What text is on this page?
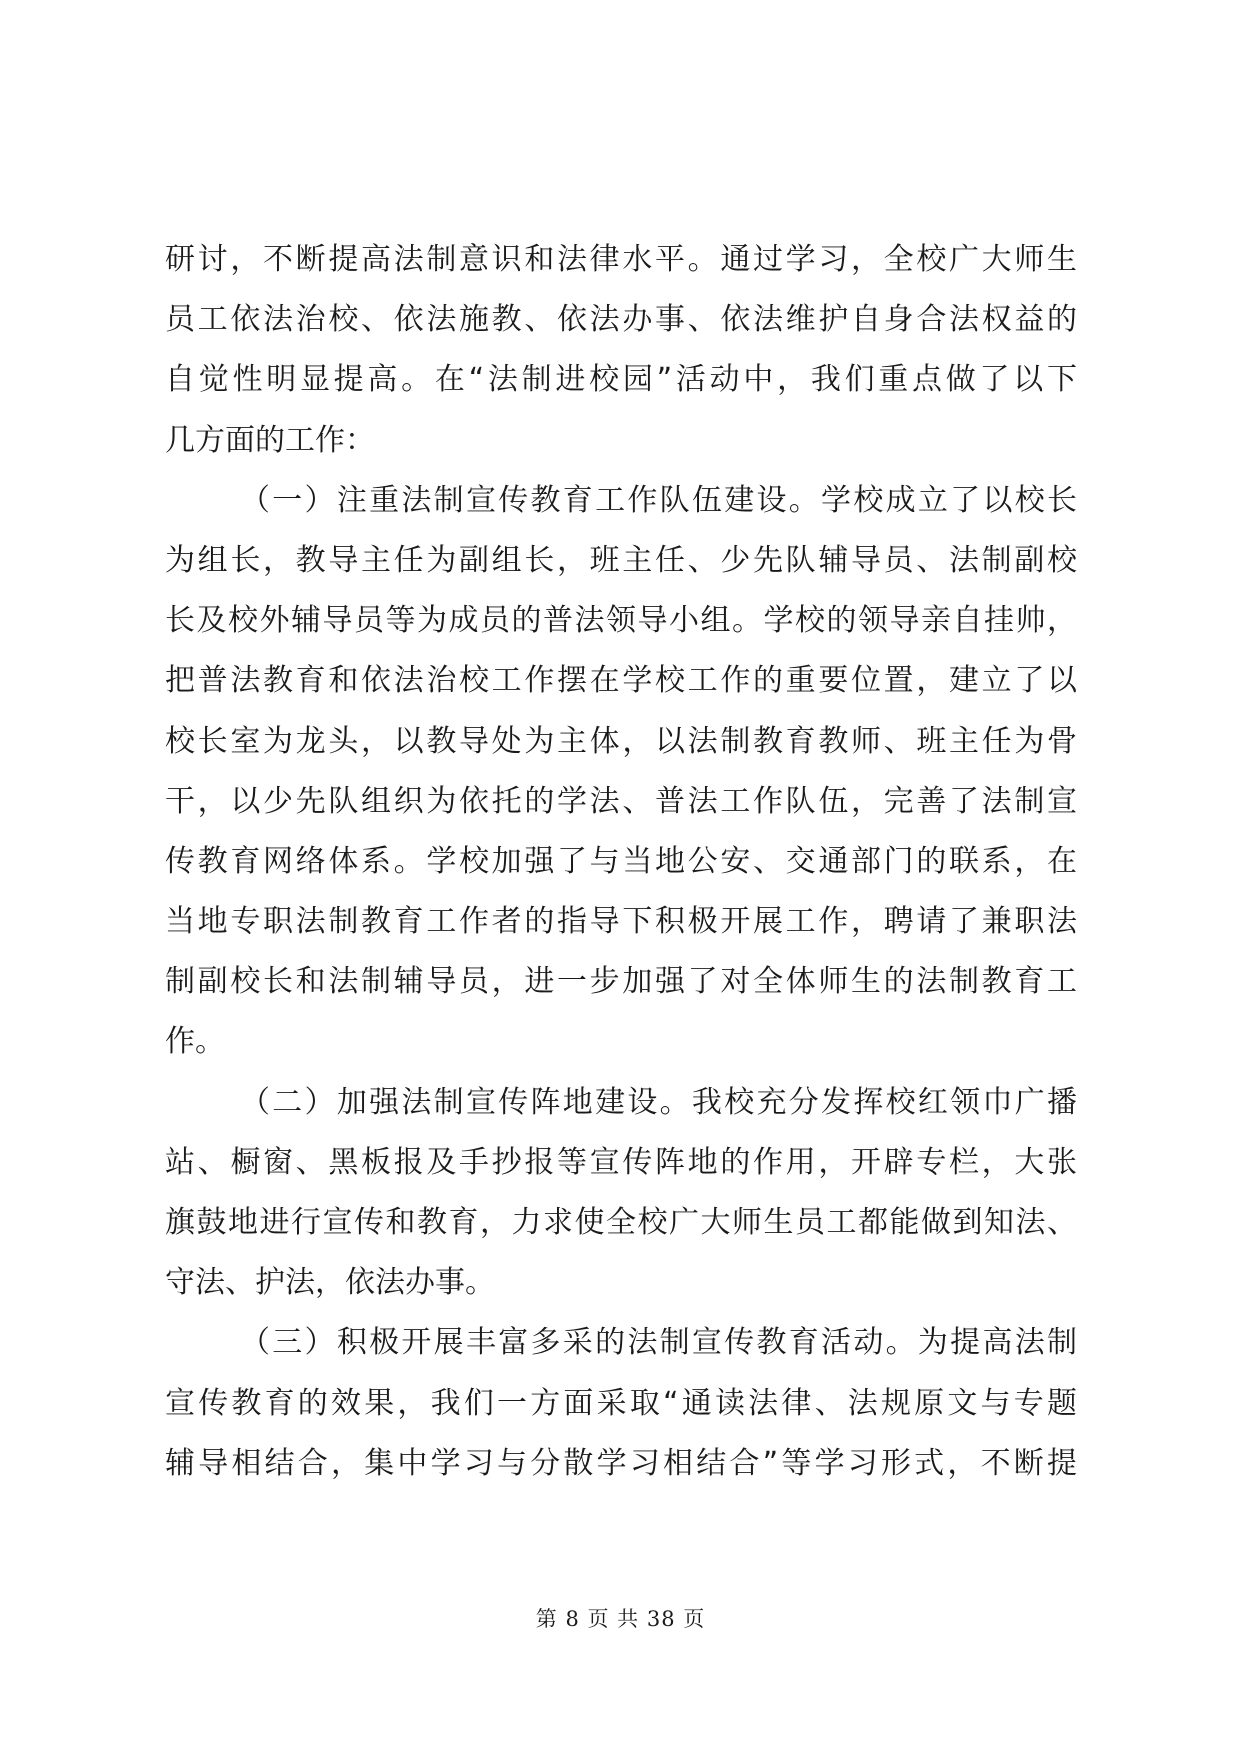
研讨，不断提高法制意识和法律水平。通过学习，全校广大师生
员工依法治校、依法施教、依法办事、依法维护自身合法权益的
自觉性明显提高。在“法制进校园”活动中，我们重点做了以下
几方面的工作：
（一）注重法制宣传教育工作队伍建设。学校成立了以校长
为组长，教导主任为副组长，班主任、少先队辅导员、法制副校
长及校外辅导员等为成员的普法领导小组。学校的领导亲自挂帅，
把普法教育和依法治校工作摆在学校工作的重要位置，建立了以
校长室为龙头，以教导处为主体，以法制教育教师、班主任为骨
干，以少先队组织为依托的学法、普法工作队伍，完善了法制宣
传教育网络体系。学校加强了与当地公安、交通部门的联系，在
当地专职法制教育工作者的指导下积极开展工作，聘请了兼职法
制副校长和法制辅导员，进一步加强了对全体师生的法制教育工
作。
（二）加强法制宣传阵地建设。我校充分发挥校红领巾广播
站、橱窗、黑板报及手抄报等宣传阵地的作用，开辟专栏，大张
旗鼓地进行宣传和教育，力求使全校广大师生员工都能做到知法、
守法、护法，依法办事。
（三）积极开展丰富多采的法制宣传教育活动。为提高法制
宣传教育的效果，我们一方面采取“通读法律、法规原文与专题
辅导相结合，集中学习与分散学习相结合”等学习形式，不断提
第 8 页 共 38 页
